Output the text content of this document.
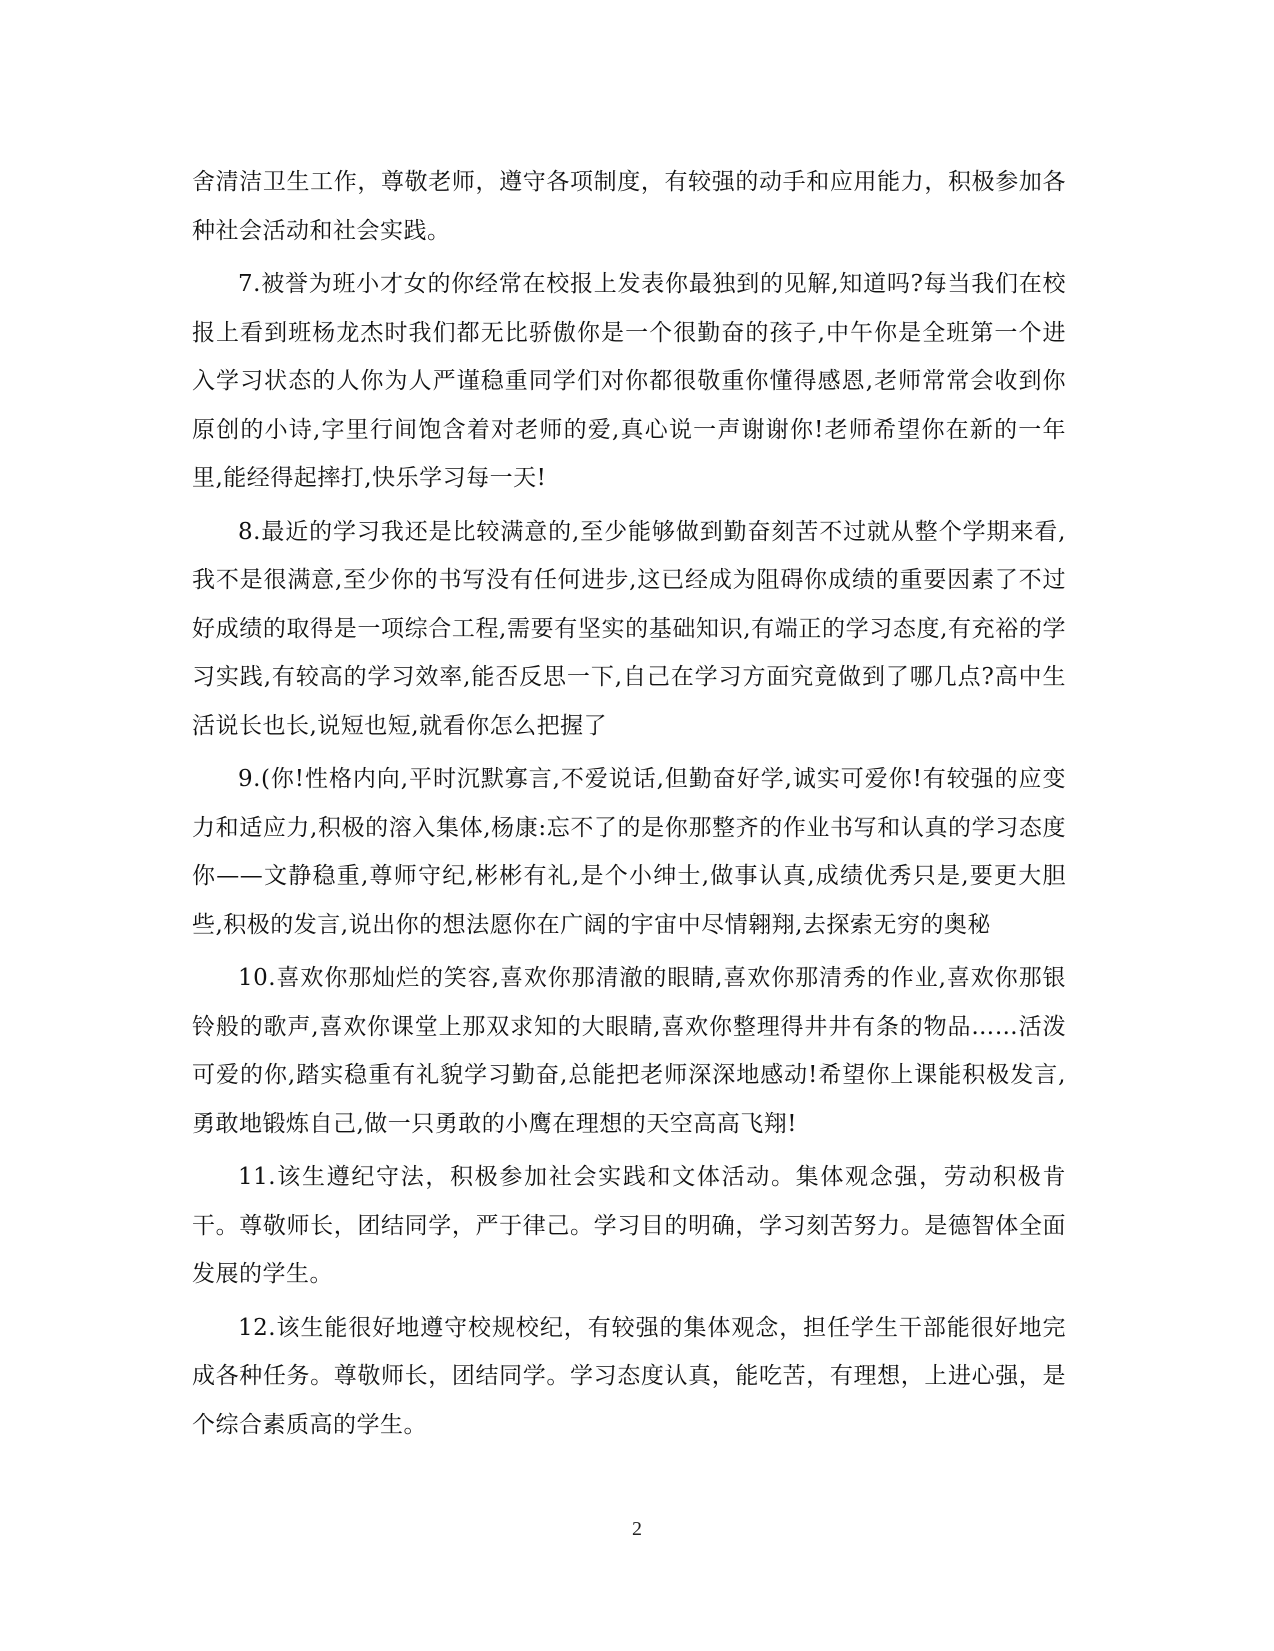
舍清洁卫生工作，尊敬老师，遵守各项制度，有较强的动手和应用能力，积极参加各种社会活动和社会实践。

7.被誉为班小才女的你经常在校报上发表你最独到的见解,知道吗?每当我们在校报上看到班杨龙杰时我们都无比骄傲你是一个很勤奋的孩子,中午你是全班第一个进入学习状态的人你为人严谨稳重同学们对你都很敬重你懂得感恩,老师常常会收到你原创的小诗,字里行间饱含着对老师的爱,真心说一声谢谢你!老师希望你在新的一年里,能经得起摔打,快乐学习每一天!

8.最近的学习我还是比较满意的,至少能够做到勤奋刻苦不过就从整个学期来看,我不是很满意,至少你的书写没有任何进步,这已经成为阻碍你成绩的重要因素了不过好成绩的取得是一项综合工程,需要有坚实的基础知识,有端正的学习态度,有充裕的学习实践,有较高的学习效率,能否反思一下,自己在学习方面究竟做到了哪几点?高中生活说长也长,说短也短,就看你怎么把握了

9.(你!性格内向,平时沉默寡言,不爱说话,但勤奋好学,诚实可爱你!有较强的应变力和适应力,积极的溶入集体,杨康:忘不了的是你那整齐的作业书写和认真的学习态度你——文静稳重,尊师守纪,彬彬有礼,是个小绅士,做事认真,成绩优秀只是,要更大胆些,积极的发言,说出你的想法愿你在广阔的宇宙中尽情翱翔,去探索无穷的奥秘

10.喜欢你那灿烂的笑容,喜欢你那清澈的眼睛,喜欢你那清秀的作业,喜欢你那银铃般的歌声,喜欢你课堂上那双求知的大眼睛,喜欢你整理得井井有条的物品……活泼可爱的你,踏实稳重有礼貌学习勤奋,总能把老师深深地感动!希望你上课能积极发言,勇敢地锻炼自己,做一只勇敢的小鹰在理想的天空高高飞翔!

11.该生遵纪守法，积极参加社会实践和文体活动。集体观念强，劳动积极肯干。尊敬师长，团结同学，严于律己。学习目的明确，学习刻苦努力。是德智体全面发展的学生。

12.该生能很好地遵守校规校纪，有较强的集体观念，担任学生干部能很好地完成各种任务。尊敬师长，团结同学。学习态度认真，能吃苦，有理想，上进心强，是个综合素质高的学生。

2
